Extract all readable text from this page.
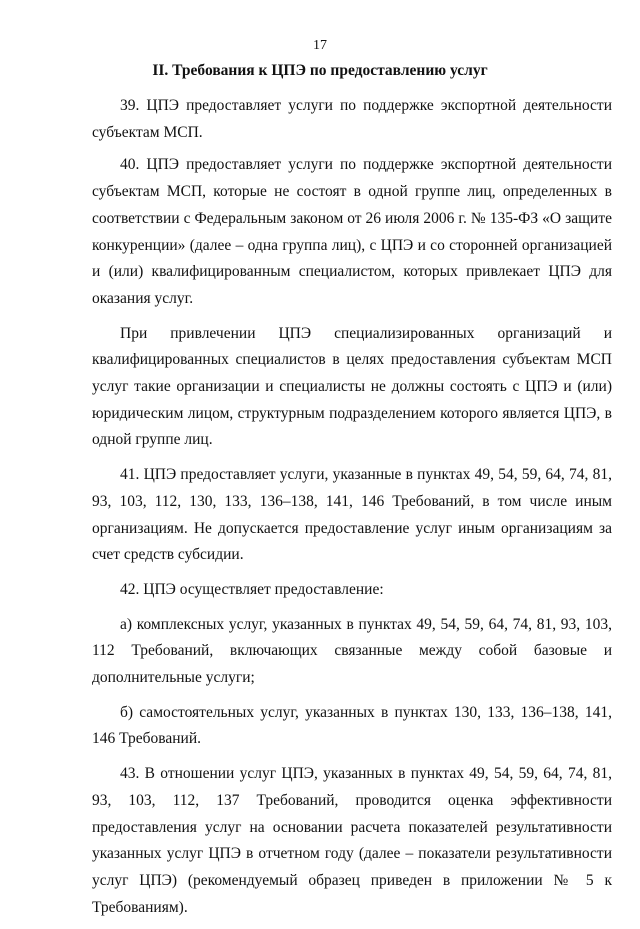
17
II. Требования к ЦПЭ по предоставлению услуг

39. ЦПЭ предоставляет услуги по поддержке экспортной деятельности субъектам МСП.

40. ЦПЭ предоставляет услуги по поддержке экспортной деятельности субъектам МСП, которые не состоят в одной группе лиц, определенных в соответствии с Федеральным законом от 26 июля 2006 г. № 135-ФЗ «О защите конкуренции» (далее – одна группа лиц), с ЦПЭ и со сторонней организацией и (или) квалифицированным специалистом, которых привлекает ЦПЭ для оказания услуг.

При привлечении ЦПЭ специализированных организаций и квалифицированных специалистов в целях предоставления субъектам МСП услуг такие организации и специалисты не должны состоять с ЦПЭ и (или) юридическим лицом, структурным подразделением которого является ЦПЭ, в одной группе лиц.

41. ЦПЭ предоставляет услуги, указанные в пунктах 49, 54, 59, 64, 74, 81, 93, 103, 112, 130, 133, 136–138, 141, 146 Требований, в том числе иным организациям. Не допускается предоставление услуг иным организациям за счет средств субсидии.

42. ЦПЭ осуществляет предоставление:

а) комплексных услуг, указанных в пунктах 49, 54, 59, 64, 74, 81, 93, 103, 112 Требований, включающих связанные между собой базовые и дополнительные услуги;

б) самостоятельных услуг, указанных в пунктах 130, 133, 136–138, 141, 146 Требований.

43. В отношении услуг ЦПЭ, указанных в пунктах 49, 54, 59, 64, 74, 81, 93, 103, 112, 137 Требований, проводится оценка эффективности предоставления услуг на основании расчета показателей результативности указанных услуг ЦПЭ в отчетном году (далее – показатели результативности услуг ЦПЭ) (рекомендуемый образец приведен в приложении № 5 к Требованиям).
